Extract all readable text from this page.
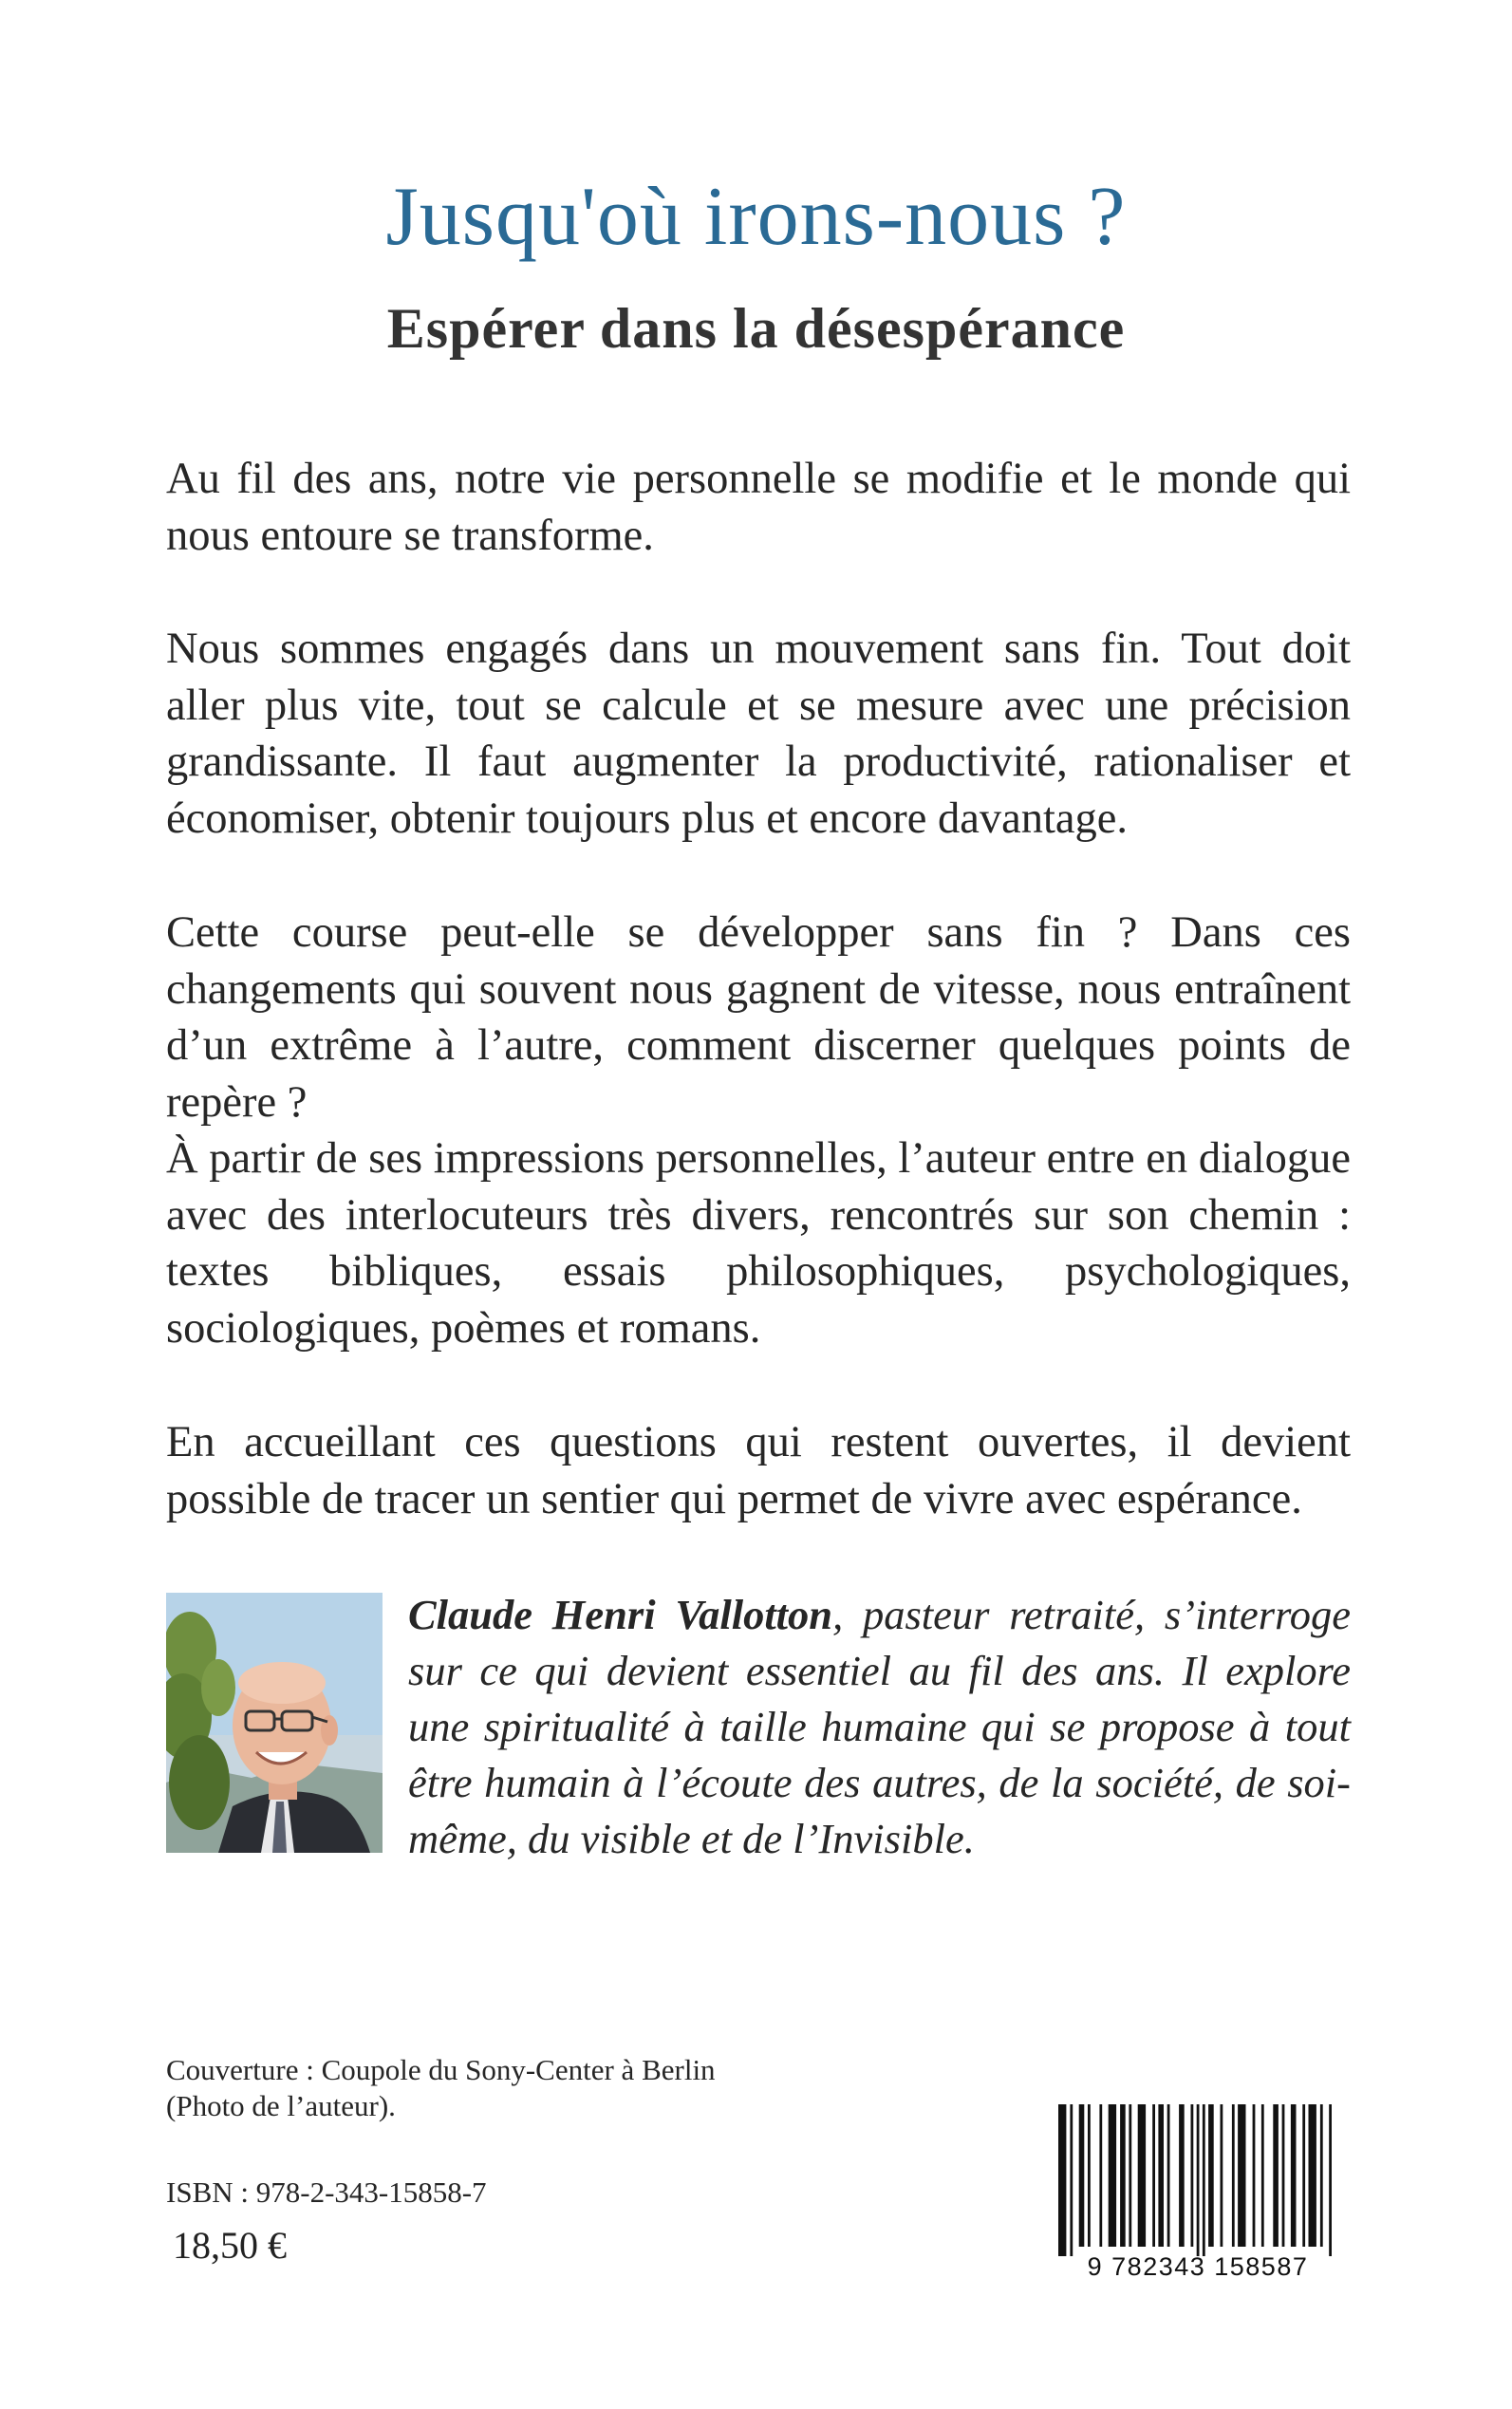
Jusqu'où irons-nous ?
Espérer dans la désespérance

Au fil des ans, notre vie personnelle se modifie et le monde qui nous entoure se transforme.

Nous sommes engagés dans un mouvement sans fin. Tout doit aller plus vite, tout se calcule et se mesure avec une précision grandissante. Il faut augmenter la productivité, rationaliser et économiser, obtenir toujours plus et encore davantage.

Cette course peut-elle se développer sans fin ? Dans ces changements qui souvent nous gagnent de vitesse, nous entraînent d’un extrême à l’autre, comment discerner quelques points de repère ?

À partir de ses impressions personnelles, l’auteur entre en dialogue avec des interlocuteurs très divers, rencontrés sur son chemin : textes bibliques, essais philosophiques, psychologiques, sociologiques, poèmes et romans.

En accueillant ces questions qui restent ouvertes, il devient possible de tracer un sentier qui permet de vivre avec espérance.

Claude Henri Vallotton, pasteur retraité, s’interroge sur ce qui devient essentiel au fil des ans. Il explore une spiritualité à taille humaine qui se propose à tout être humain à l’écoute des autres, de la société, de soi-même, du visible et de l’Invisible.

Couverture : Coupole du Sony-Center à Berlin
(Photo de l’auteur).

ISBN : 978-2-343-15858-7

18,50 €	9 782343 158587
